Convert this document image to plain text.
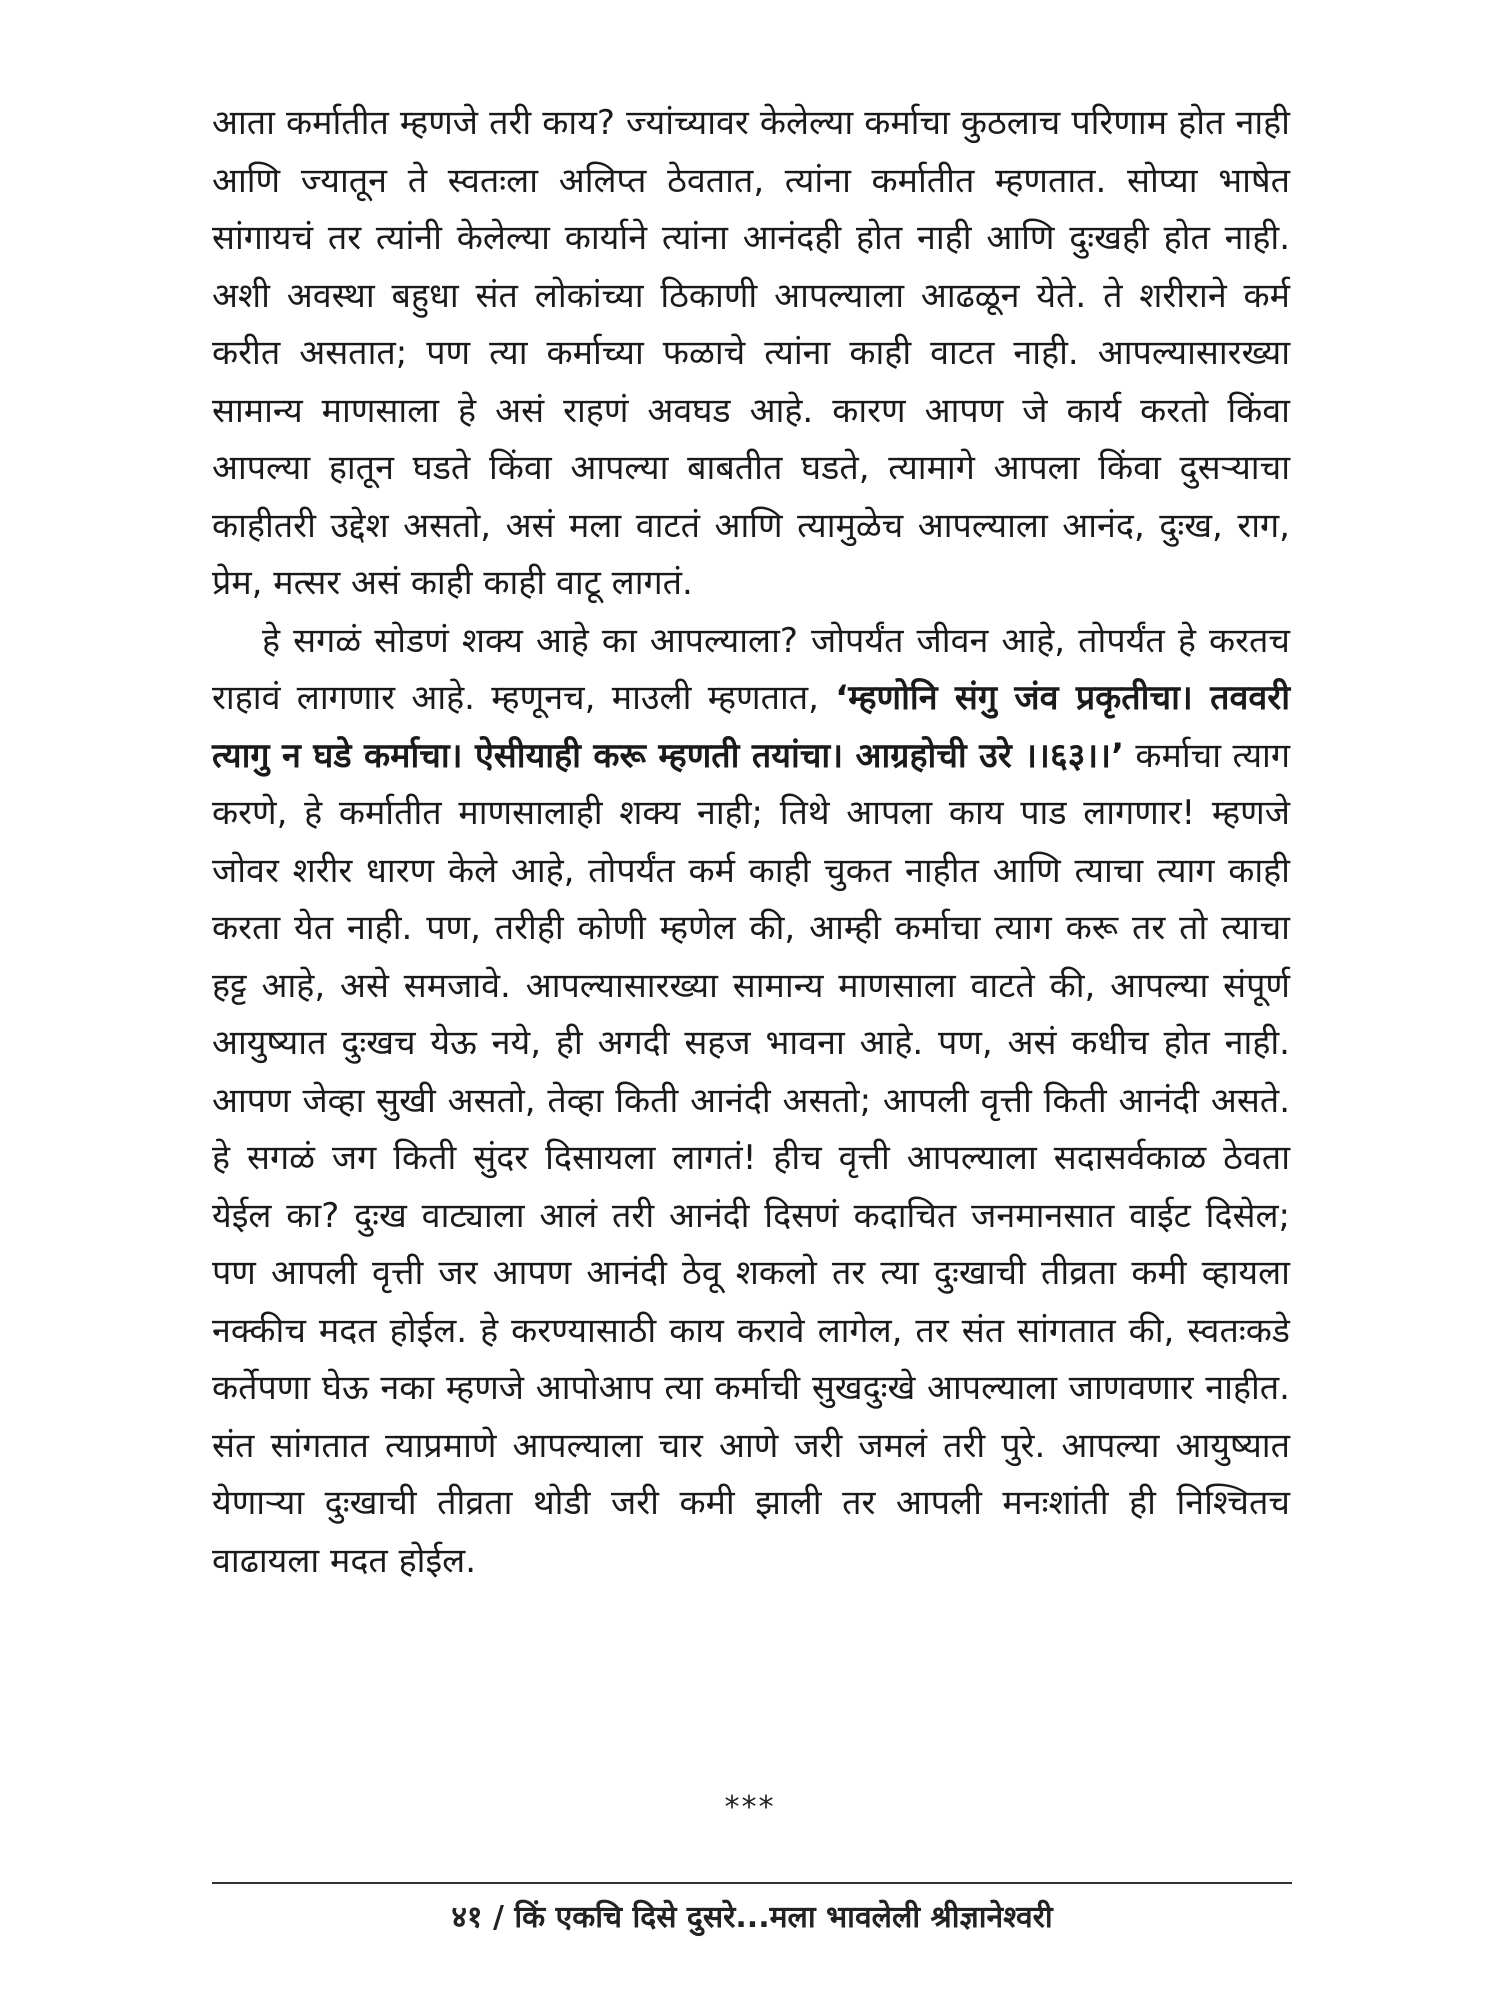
आता कर्मातीत म्हणजे तरी काय? ज्यांच्यावर केलेल्या कर्माचा कुठलाच परिणाम होत नाही आणि ज्यातून ते स्वतःला अलिप्त ठेवतात, त्यांना कर्मातीत म्हणतात. सोप्या भाषेत सांगायचं तर त्यांनी केलेल्या कार्याने त्यांना आनंदही होत नाही आणि दुःखही होत नाही. अशी अवस्था बहुधा संत लोकांच्या ठिकाणी आपल्याला आढळून येते. ते शरीराने कर्म करीत असतात; पण त्या कर्माच्या फळाचे त्यांना काही वाटत नाही. आपल्यासारख्या सामान्य माणसाला हे असं राहणं अवघड आहे. कारण आपण जे कार्य करतो किंवा आपल्या हातून घडते किंवा आपल्या बाबतीत घडते, त्यामागे आपला किंवा दुसऱ्याचा काहीतरी उद्देश असतो, असं मला वाटतं आणि त्यामुळेच आपल्याला आनंद, दुःख, राग, प्रेम, मत्सर असं काही काही वाटू लागतं.

हे सगळं सोडणं शक्य आहे का आपल्याला? जोपर्यंत जीवन आहे, तोपर्यंत हे करतच राहावं लागणार आहे. म्हणूनच, माउली म्हणतात, ‘म्हणोनि संगु जंव प्रकृतीचा। तववरी त्यागु न घडे कर्माचा। ऐसीयाही करू म्हणती तयांचा। आग्रहोची उरे ।।६३।।’ कर्माचा त्याग करणे, हे कर्मातीत माणसालाही शक्य नाही; तिथे आपला काय पाड लागणार! म्हणजे जोवर शरीर धारण केले आहे, तोपर्यंत कर्म काही चुकत नाहीत आणि त्याचा त्याग काही करता येत नाही. पण, तरीही कोणी म्हणेल की, आम्ही कर्माचा त्याग करू तर तो त्याचा हट्ट आहे, असे समजावे. आपल्यासारख्या सामान्य माणसाला वाटते की, आपल्या संपूर्ण आयुष्यात दुःखच येऊ नये, ही अगदी सहज भावना आहे. पण, असं कधीच होत नाही. आपण जेव्हा सुखी असतो, तेव्हा किती आनंदी असतो; आपली वृत्ती किती आनंदी असते. हे सगळं जग किती सुंदर दिसायला लागतं! हीच वृत्ती आपल्याला सदासर्वकाळ ठेवता येईल का? दुःख वाट्याला आलं तरी आनंदी दिसणं कदाचित जनमानसात वाईट दिसेल; पण आपली वृत्ती जर आपण आनंदी ठेवू शकलो तर त्या दुःखाची तीव्रता कमी व्हायला नक्कीच मदत होईल. हे करण्यासाठी काय करावे लागेल, तर संत सांगतात की, स्वतःकडे कर्तेपणा घेऊ नका म्हणजे आपोआप त्या कर्माची सुखदुःखे आपल्याला जाणवणार नाहीत. संत सांगतात त्याप्रमाणे आपल्याला चार आणे जरी जमलं तरी पुरे. आपल्या आयुष्यात येणाऱ्या दुःखाची तीव्रता थोडी जरी कमी झाली तर आपली मनःशांती ही निश्चितच वाढायला मदत होईल.

***
४१ / किं एकचि दिसे दुसरे...मला भावलेली श्रीज्ञानेश्वरी
